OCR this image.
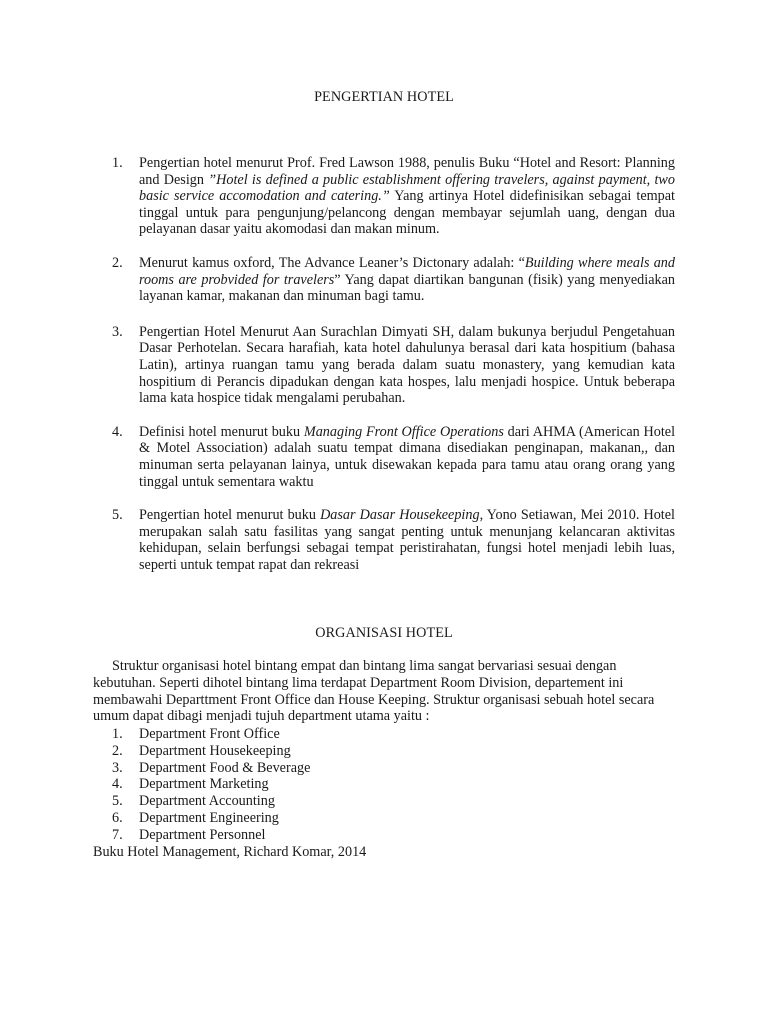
PENGERTIAN HOTEL
1. Pengertian hotel menurut Prof. Fred Lawson 1988, penulis Buku “Hotel and Resort: Planning and Design ”Hotel is defined a public establishment offering travelers, against payment, two basic service accomodation and catering.” Yang artinya Hotel didefinisikan sebagai tempat tinggal untuk para pengunjung/pelancong dengan membayar sejumlah uang, dengan dua pelayanan dasar yaitu akomodasi dan makan minum.
2. Menurut kamus oxford, The Advance Leaner’s Dictonary adalah: “Building where meals and rooms are probvided for travelers” Yang dapat diartikan bangunan (fisik) yang menyediakan layanan kamar, makanan dan minuman bagi tamu.
3. Pengertian Hotel Menurut Aan Surachlan Dimyati SH, dalam bukunya berjudul Pengetahuan Dasar Perhotelan. Secara harafiah, kata hotel dahulunya berasal dari kata hospitium (bahasa Latin), artinya ruangan tamu yang berada dalam suatu monastery, yang kemudian kata hospitium di Perancis dipadukan dengan kata hospes, lalu menjadi hospice. Untuk beberapa lama kata hospice tidak mengalami perubahan.
4. Definisi hotel menurut buku Managing Front Office Operations dari AHMA (American Hotel & Motel Association) adalah suatu tempat dimana disediakan penginapan, makanan,, dan minuman serta pelayanan lainya, untuk disewakan kepada para tamu atau orang orang yang tinggal untuk sementara waktu
5. Pengertian hotel menurut buku Dasar Dasar Housekeeping, Yono Setiawan, Mei 2010. Hotel merupakan salah satu fasilitas yang sangat penting untuk menunjang kelancaran aktivitas kehidupan, selain berfungsi sebagai tempat peristirahatan, fungsi hotel menjadi lebih luas, seperti untuk tempat rapat dan rekreasi
ORGANISASI HOTEL

Struktur organisasi hotel bintang empat dan bintang lima sangat bervariasi sesuai dengan kebutuhan. Seperti dihotel bintang lima terdapat Department Room Division, departement ini membawahi Departtment Front Office dan House Keeping. Struktur organisasi sebuah hotel secara umum dapat dibagi menjadi tujuh department utama yaitu :

1. Department Front Office
2. Department Housekeeping
3. Department Food & Beverage
4. Department Marketing
5. Department Accounting
6. Department Engineering
7. Department Personnel
Buku Hotel Management, Richard Komar, 2014
